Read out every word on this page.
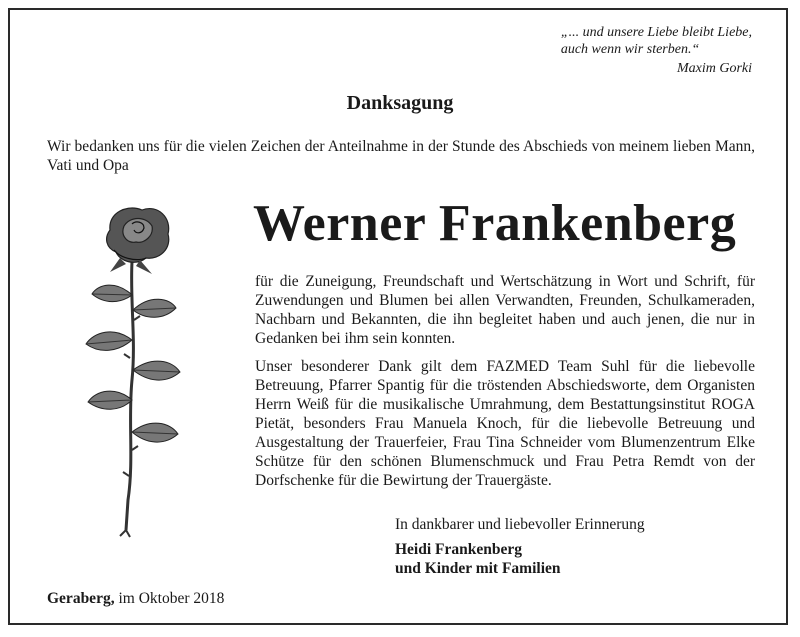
„... und unsere Liebe bleibt Liebe,
auch wenn wir sterben.“
Maxim Gorki
Danksagung
Wir bedanken uns für die vielen Zeichen der Anteilnahme in der Stunde des Abschieds von meinem lieben Mann, Vati und Opa
Werner Frankenberg
für die Zuneigung, Freundschaft und Wertschätzung in Wort und Schrift, für Zuwendungen und Blumen bei allen Verwandten, Freunden, Schulkameraden, Nachbarn und Bekannten, die ihn begleitet haben und auch jenen, die nur in Gedanken bei ihm sein konnten.
Unser besonderer Dank gilt dem FAZMED Team Suhl für die liebevolle Betreuung, Pfarrer Spantig für die tröstenden Abschiedsworte, dem Organisten Herrn Weiß für die musikalische Umrahmung, dem Bestattungsinstitut ROGA Pietät, besonders Frau Manuela Knoch, für die liebevolle Betreuung und Ausgestaltung der Trauerfeier, Frau Tina Schneider vom Blumenzentrum Elke Schütze für den schönen Blumenschmuck und Frau Petra Remdt von der Dorfschenke für die Bewirtung der Trauergäste.
In dankbarer und liebevoller Erinnerung
Heidi Frankenberg
und Kinder mit Familien
Geraberg, im Oktober 2018
